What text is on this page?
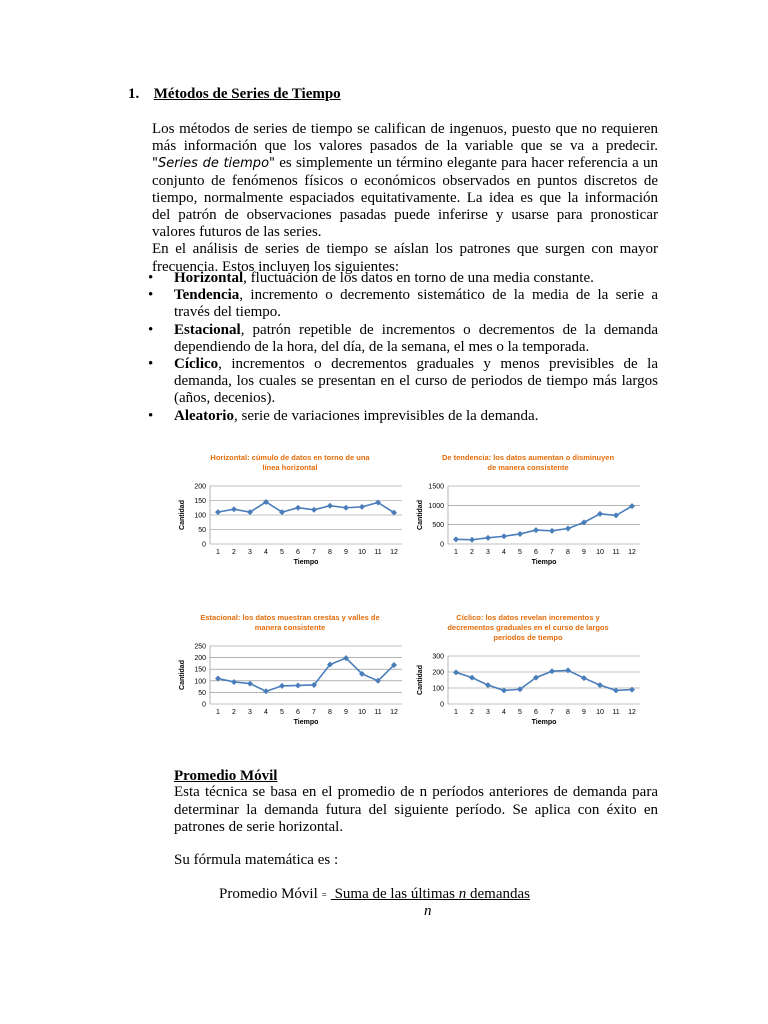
1. Métodos de Series de Tiempo

Los métodos de series de tiempo se califican de ingenuos, puesto que no requieren

más información que los valores pasados de la variable que se va a predecir.

"Series de tiempo" es simplemente un término elegante para hacer referencia a un

conjunto de fenómenos físicos o económicos observados en puntos discretos de

tiempo, normalmente espaciados equitativamente. La idea es que la información

del patrón de observaciones pasadas puede inferirse y usarse para pronosticar

valores futuros de las series.

En el análisis de series de tiempo se aíslan los patrones que surgen con mayor

frecuencia. Estos incluyen los siguientes:

• Horizontal, fluctuación de los datos en torno de una media constante.
• Tendencia, incremento o decremento sistemático de la media de la serie a
través del tiempo.
• Estacional, patrón repetible de incrementos o decrementos de la demanda
dependiendo de la hora, del día, de la semana, el mes o la temporada.
• Cíclico, incrementos o decrementos graduales y menos previsibles de la
demanda, los cuales se presentan en el curso de periodos de tiempo más largos
(años, decenios).
• Aleatorio, serie de variaciones imprevisibles de la demanda.
Horizontal: cúmulo de datos en torno de una
línea horizontal
0
50
100
150
200
1 2 3 4 5 6 7 8 9 10 11 12
Tiempo
Cantidad
De tendencia: los datos aumentan o disminuyen
de manera consistente
0
500
1000
1500
1 2 3 4 5 6 7 8 9 10 11 12
Tiempo
Cantidad
Estacional: los datos muestran crestas y valles de
manera consistente
0
50
100
150
200
250
1 2 3 4 5 6 7 8 9 10 11 12
Tiempo
Cantidad
Cíclico: los datos revelan incrementos y
decrementos graduales en el curso de largos
períodos de tiempo
0
100
200
300
1 2 3 4 5 6 7 8 9 10 11 12
Tiempo
Cantidad
Promedio Móvil
Esta técnica se basa en el promedio de n períodos anteriores de demanda para
determinar la demanda futura del siguiente período. Se aplica con éxito en
patrones de serie horizontal.
Su fórmula matemática es :
Promedio Móvil = Suma de las últimas n demandas
n
